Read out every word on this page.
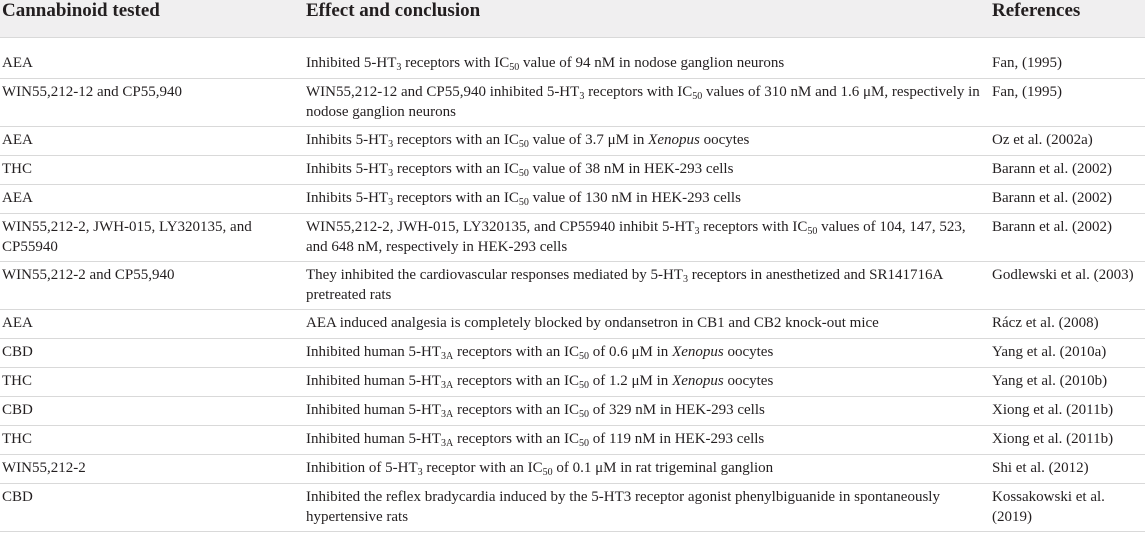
Cannabinoid tested	Effect and conclusion	References
AEA	Inhibited $5-HT_3$ receptors with $IC_{50}$ value of 94 nM in nodose ganglion neurons	Fan, (1995)
WIN55,212-12 and CP55,940	WIN55,212-12 and CP55,940 inhibited $5-HT_3$ receptors with $IC_{50}$ values of 310 nM and 1.6 μM, respectively in nodose ganglion neurons	Fan, (1995)
AEA	Inhibits $5-HT_3$ receptors with an $IC_{50}$ value of 3.7 μM in Xenopus oocytes	Oz et al. (2002a)
THC	Inhibits $5-HT_3$ receptors with an $IC_{50}$ value of 38 nM in HEK-293 cells	Barann et al. (2002)
AEA	Inhibits $5-HT_3$ receptors with an $IC_{50}$ value of 130 nM in HEK-293 cells	Barann et al. (2002)
WIN55,212-2, JWH-015, LY320135, and CP55940	WIN55,212-2, JWH-015, LY320135, and CP55940 inhibit $5-HT_3$ receptors with $IC_{50}$ values of 104, 147, 523, and 648 nM, respectively in HEK-293 cells	Barann et al. (2002)
WIN55,212-2 and CP55,940	They inhibited the cardiovascular responses mediated by $5-HT_3$ receptors in anesthetized and SR141716A pretreated rats	Godlewski et al. (2003)
AEA	AEA induced analgesia is completely blocked by ondansetron in CB1 and CB2 knock-out mice	Rácz et al. (2008)
CBD	Inhibited human $5-HT_{3A}$ receptors with an $IC_{50}$ of 0.6 μM in Xenopus oocytes	Yang et al. (2010a)
THC	Inhibited human $5-HT_{3A}$ receptors with an $IC_{50}$ of 1.2 μM in Xenopus oocytes	Yang et al. (2010b)
CBD	Inhibited human $5-HT_{3A}$ receptors with an $IC_{50}$ of 329 nM in HEK-293 cells	Xiong et al. (2011b)
THC	Inhibited human $5-HT_{3A}$ receptors with an $IC_{50}$ of 119 nM in HEK-293 cells	Xiong et al. (2011b)
WIN55,212-2	Inhibition of $5-HT_3$ receptor with an $IC_{50}$ of 0.1 μM in rat trigeminal ganglion	Shi et al. (2012)
CBD	Inhibited the reflex bradycardia induced by the 5-HT3 receptor agonist phenylbiguanide in spontaneously hypertensive rats	Kossakowski et al. (2019)
